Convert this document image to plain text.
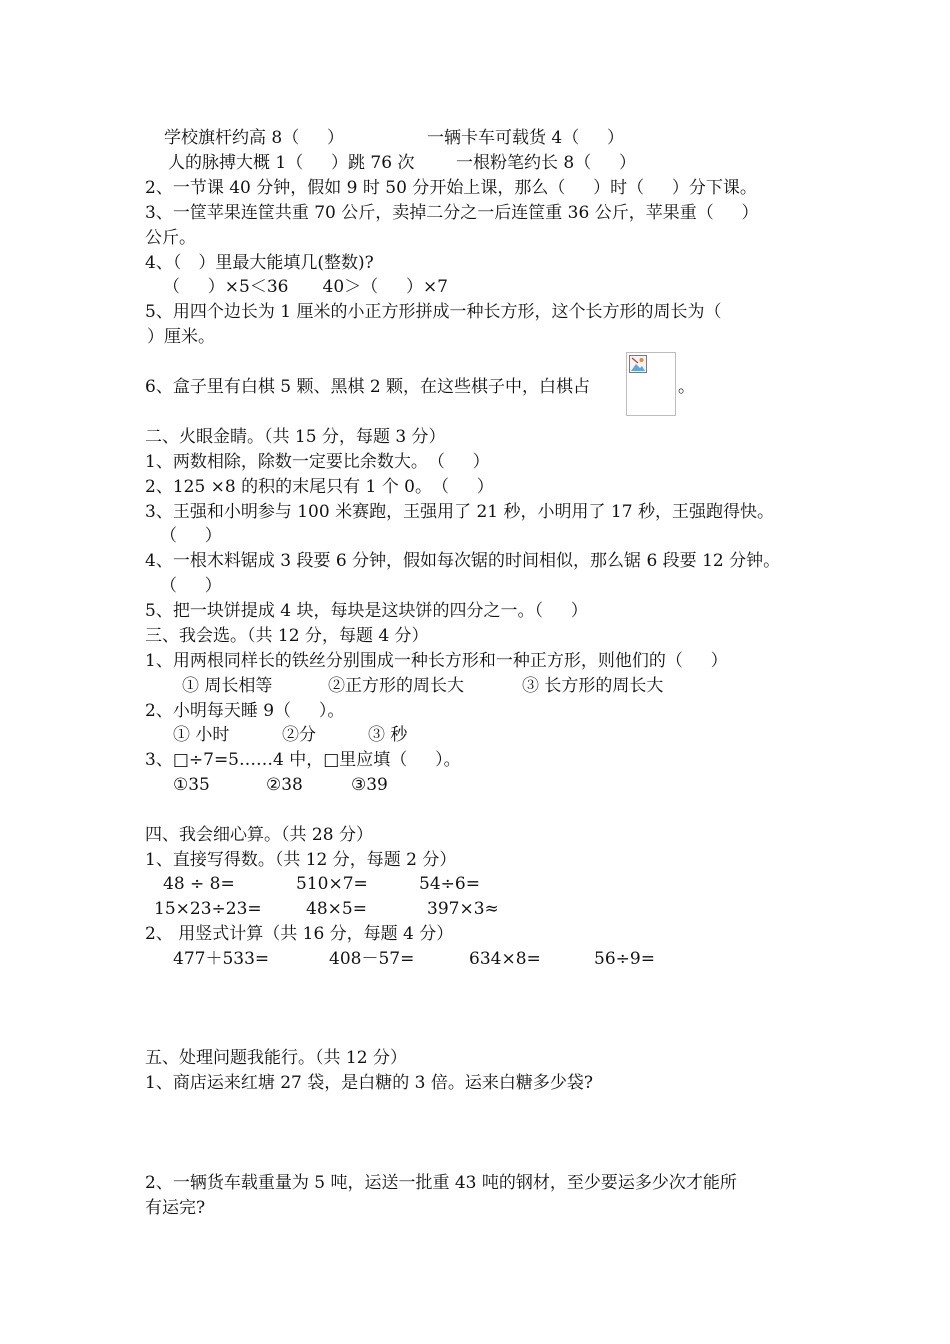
学校旗杆约高 8（　  ）	一辆卡车可载货 4（　  ）
人的脉搏大概 1（　  ）跳 76 次 一根粉笔约长 8（　  ）
2、一节课 40 分钟，假如 9 时 50 分开始上课，那么（　  ）时（　  ）分下课。
3、一筐苹果连筐共重 70 公斤，卖掉二分之一后连筐重 36 公斤，苹果重（　  ）
公斤。
4、（　）里最大能填几(整数)?
（　  ）×5＜36　　40＞（　  ）×7
5、用四个边长为 1 厘米的小正方形拼成一种长方形，这个长方形的周长为（
）厘米。
6、盒子里有白棋 5 颗、黑棋 2 颗，在这些棋子中，白棋占	。
二、火眼金睛。（共 15 分，每题 3 分）
1、两数相除，除数一定要比余数大。　（　  ）
2、125 ×8 的积的末尾只有 1 个 0。　（　  ）
3、王强和小明参与 100 米赛跑，王强用了 21 秒，小明用了 17 秒，王强跑得快。
（　  ）
4、一根木料锯成 3 段要 6 分钟，假如每次锯的时间相似，那么锯 6 段要 12 分钟。
（　  ）
5、把一块饼提成 4 块，每块是这块饼的四分之一。（　  ）
三、我会选。（共 12 分，每题 4 分）
1、用两根同样长的铁丝分别围成一种长方形和一种正方形，则他们的（　  ）
① 周长相等	②正方形的周长大	③ 长方形的周长大
2、小明每天睡 9（　  ）。
① 小时	②分	③ 秒
3、□÷7=5……4 中，□里应填（　  ）。
①35	②38	③39
四、我会细心算。（共 28 分）
1、直接写得数。（共 12 分，每题 2 分）
48 ÷ 8=	510×7=	54÷6=
15×23÷23=	48×5=	397×3≈
2、 用竖式计算（共 16 分，每题 4 分）
477＋533=	408－57=	634×8=	56÷9=
五、处理问题我能行。（共 12 分）
1、商店运来红塘 27 袋，是白糖的 3 倍。运来白糖多少袋?
2、一辆货车载重量为 5 吨，运送一批重 43 吨的钢材，至少要运多少次才能所
有运完?
